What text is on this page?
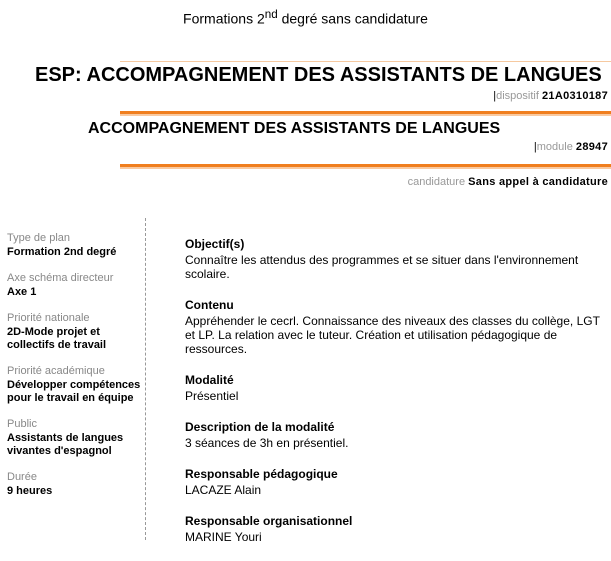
Formations 2nd degré sans candidature
ESP: ACCOMPAGNEMENT DES ASSISTANTS DE LANGUES
|dispositif 21A0310187
ACCOMPAGNEMENT DES ASSISTANTS DE LANGUES
|module 28947
candidature Sans appel à candidature
Type de plan
Formation 2nd degré
Axe schéma directeur
Axe 1
Priorité nationale
2D-Mode projet et collectifs de travail
Priorité académique
Développer compétences pour le travail en équipe
Public
Assistants de langues vivantes d'espagnol
Durée
9 heures
Objectif(s)
Connaître les attendus des programmes et se situer dans l'environnement scolaire.
Contenu
Appréhender le cecrl. Connaissance des niveaux des classes du collège, LGT et LP. La relation avec le tuteur. Création et utilisation pédagogique de ressources.
Modalité
Présentiel
Description de la modalité
3 séances de 3h en présentiel.
Responsable pédagogique
LACAZE Alain
Responsable organisationnel
MARINE Youri
